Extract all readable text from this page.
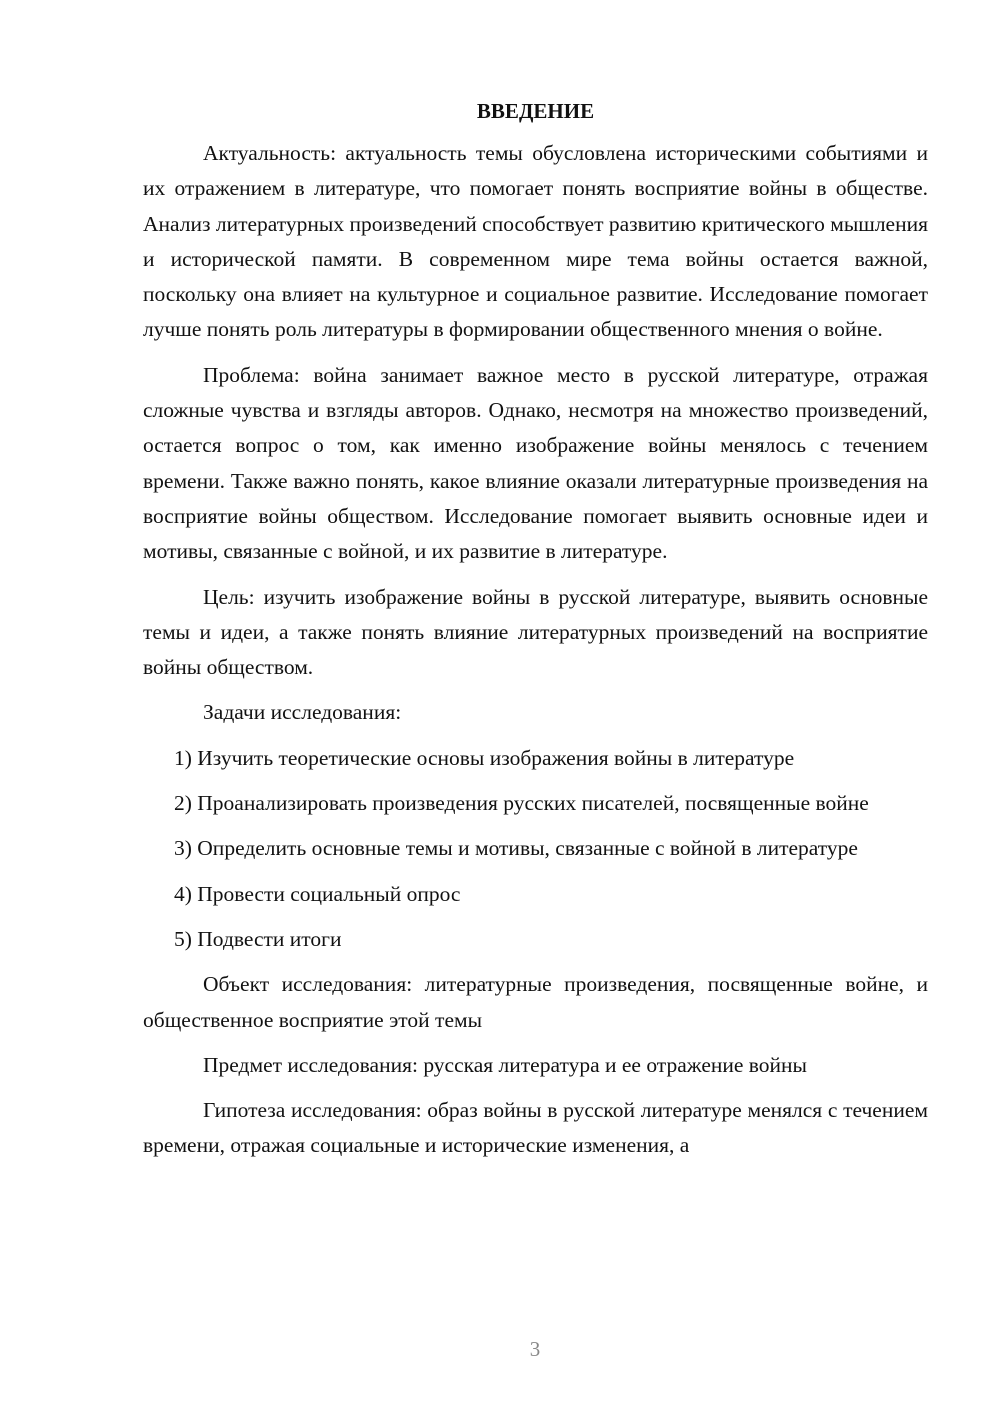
ВВЕДЕНИЕ

Актуальность: актуальность темы обусловлена историческими событиями и их отражением в литературе, что помогает понять восприятие войны в обществе. Анализ литературных произведений способствует развитию критического мышления и исторической памяти. В современном мире тема войны остается важной, поскольку она влияет на культурное и социальное развитие. Исследование помогает лучше понять роль литературы в формировании общественного мнения о войне.

Проблема: война занимает важное место в русской литературе, отражая сложные чувства и взгляды авторов. Однако, несмотря на множество произведений, остается вопрос о том, как именно изображение войны менялось с течением времени. Также важно понять, какое влияние оказали литературные произведения на восприятие войны обществом. Исследование помогает выявить основные идеи и мотивы, связанные с войной, и их развитие в литературе.

Цель: изучить изображение войны в русской литературе, выявить основные темы и идеи, а также понять влияние литературных произведений на восприятие войны обществом.

Задачи исследования:

1) Изучить теоретические основы изображения войны в литературе

2) Проанализировать произведения русских писателей, посвященные войне

3) Определить основные темы и мотивы, связанные с войной в литературе

4) Провести социальный опрос

5) Подвести итоги

Объект исследования: литературные произведения, посвященные войне, и общественное восприятие этой темы

Предмет исследования: русская литература и ее отражение войны

Гипотеза исследования: образ войны в русской литературе менялся с течением времени, отражая социальные и исторические изменения, а

3
